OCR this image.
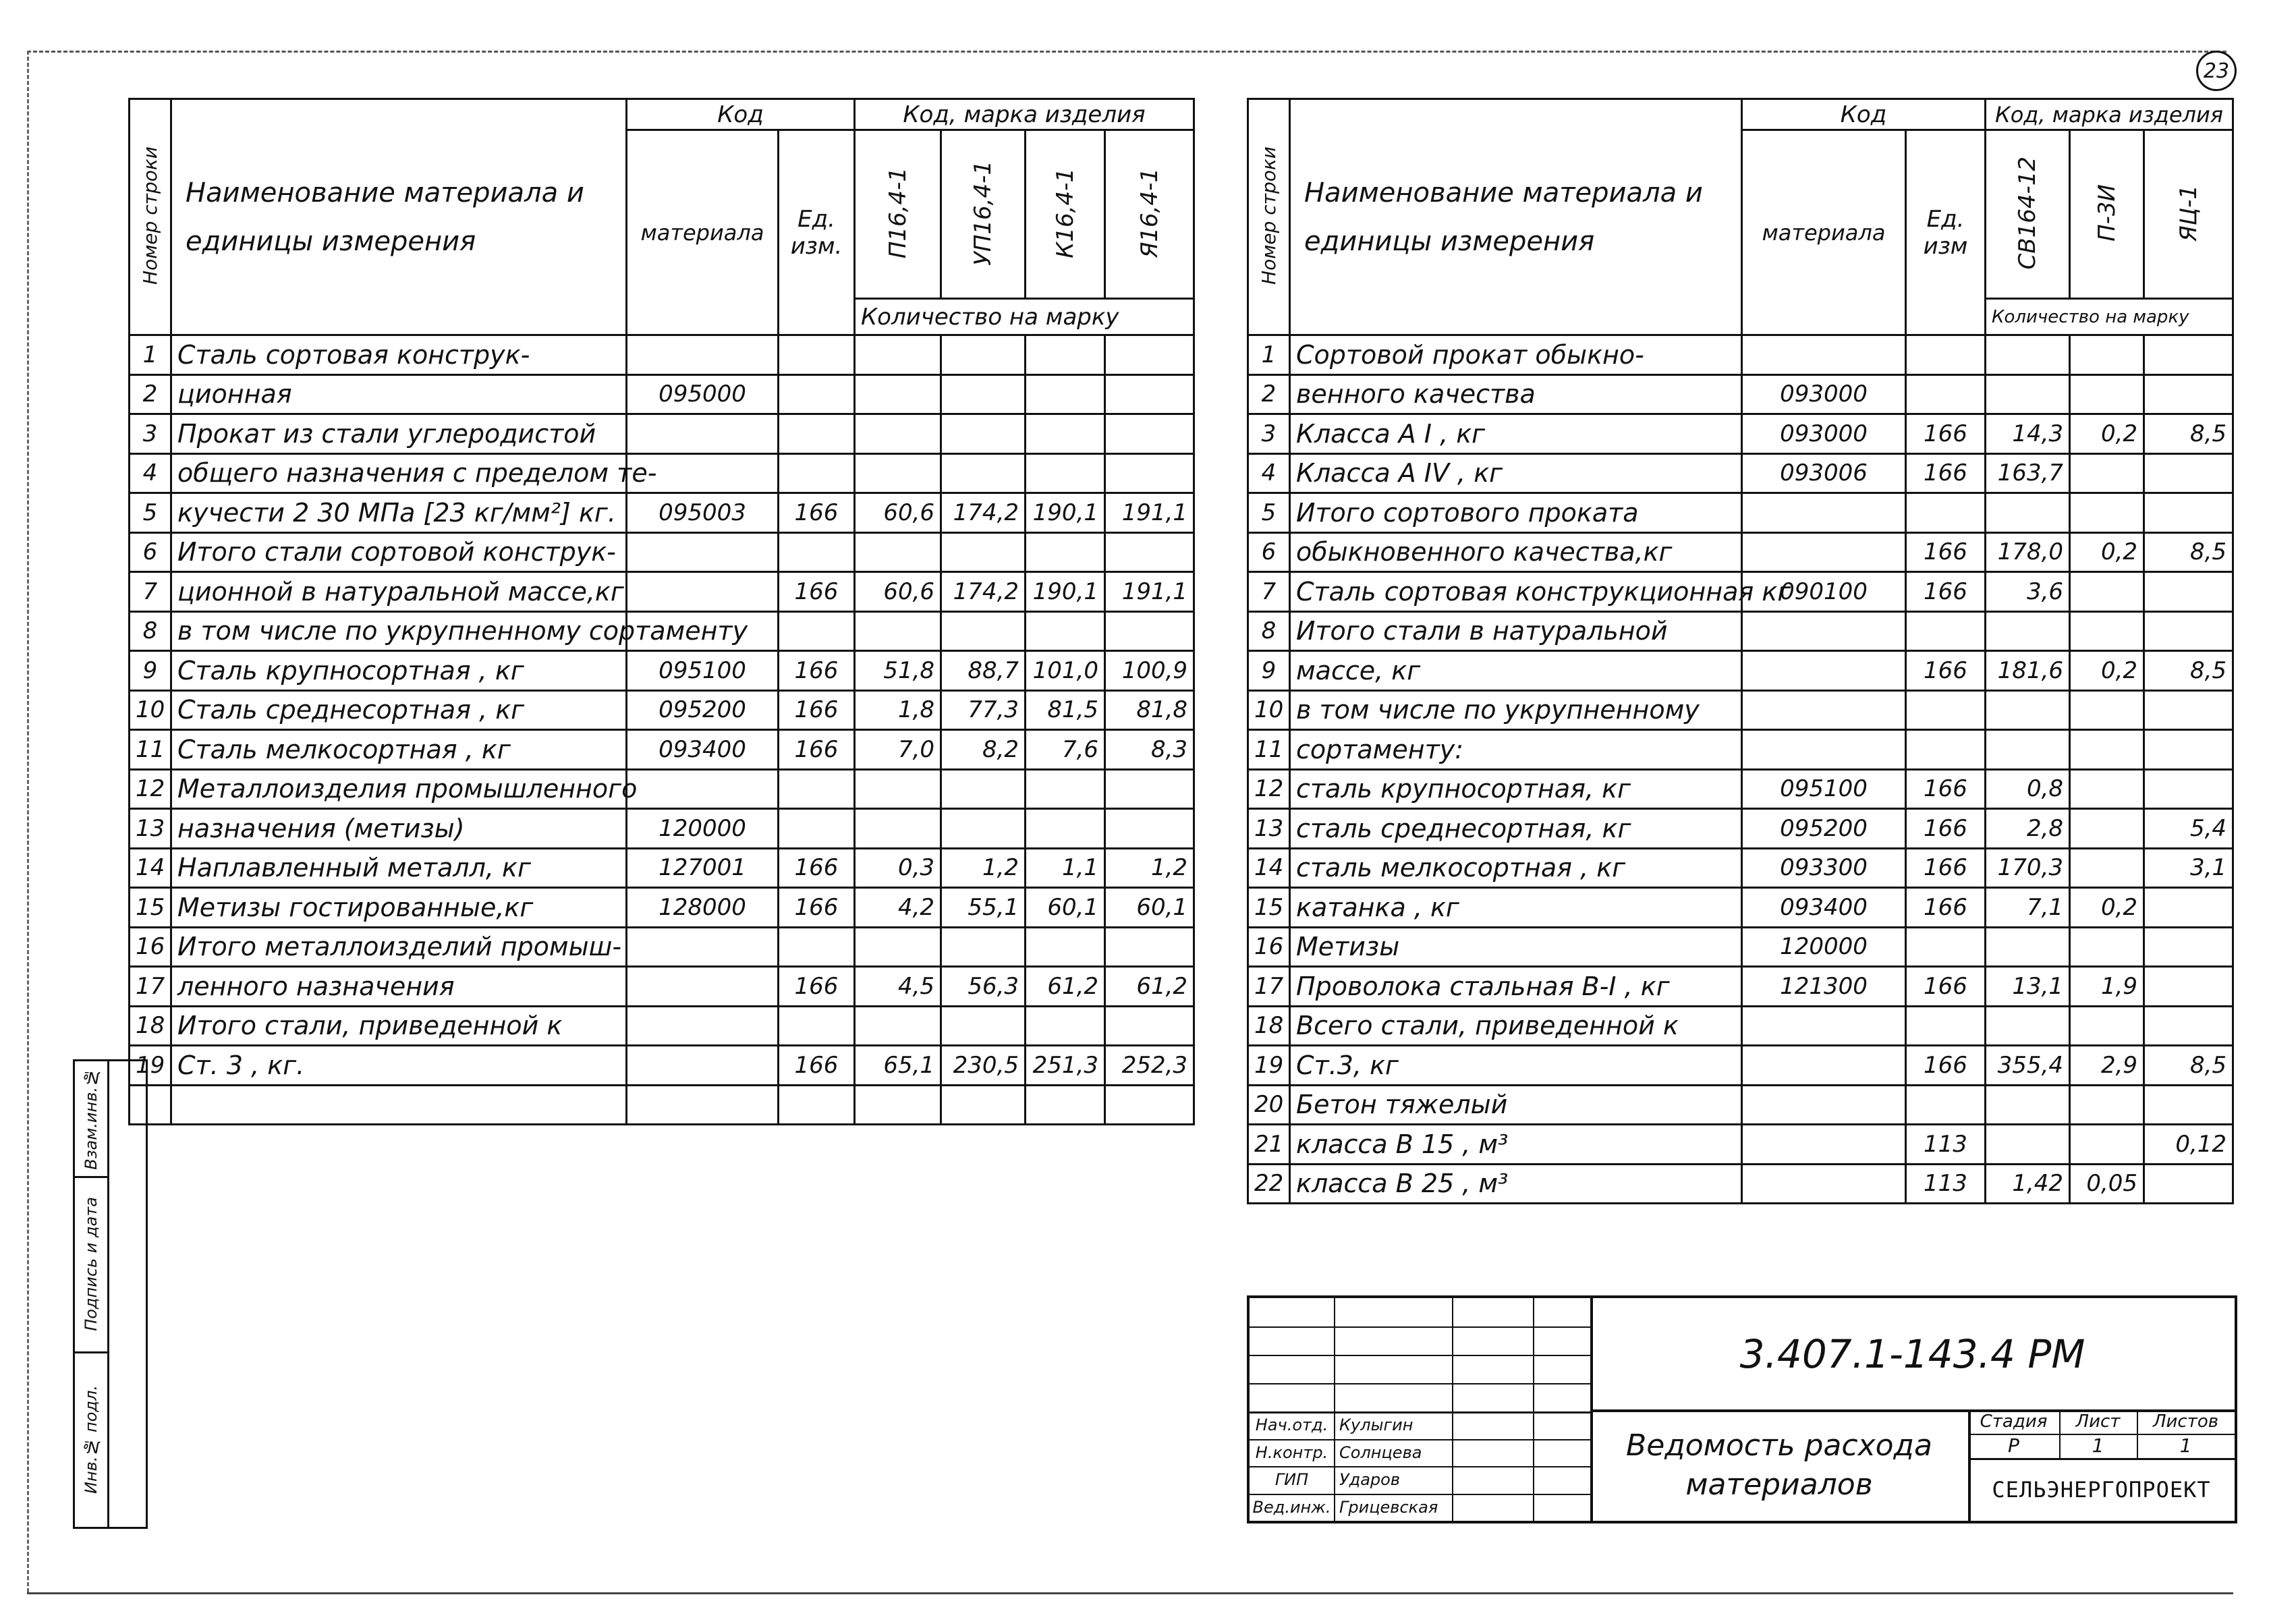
23
Взам.инв.№
Подпись и дата
Инв.№ подл.
Номер строки	Наименование материала и единицы измерения	Код		Код, марка изделия			
		материала	Ед. изм.	П16,4-1	УП16,4-1	К16,4-1	Я16,4-1
				Количество на марку			
1	Сталь сортовая конструк-						
2	ционная	095000					
3	Прокат из стали углеродистой						
4	общего назначения с пределом те-						
5	кучести 2 30 МПа [23 кг/мм²] кг.	095003	166	60,6	174,2	190,1	191,1
6	Итого стали сортовой конструк-						
7	ционной в натуральной массе,кг		166	60,6	174,2	190,1	191,1
8	в том числе по укрупненному сортаменту						
9	Сталь крупносортная , кг	095100	166	51,8	88,7	101,0	100,9
10	Сталь среднесортная , кг	095200	166	1,8	77,3	81,5	81,8
11	Сталь мелкосортная , кг	093400	166	7,0	8,2	7,6	8,3
12	Металлоизделия промышленного						
13	назначения (метизы)	120000					
14	Наплавленный металл, кг	127001	166	0,3	1,2	1,1	1,2
15	Метизы гостированные,кг	128000	166	4,2	55,1	60,1	60,1
16	Итого металлоизделий промыш-						
17	ленного назначения		166	4,5	56,3	61,2	61,2
18	Итого стали, приведенной к						
19	Ст. 3 , кг.		166	65,1	230,5	251,3	252,3

Номер строки	Наименование материала и единицы измерения	Код		Код, марка изделия		
		материала	Ед. изм	СВ164-12	П-3И	ЯЦ-1
				Количество на марку		
1	Сортовой прокат обыкно-					
2	венного качества	093000				
3	Класса А I , кг	093000	166	14,3	0,2	8,5
4	Класса А IV , кг	093006	166	163,7		
5	Итого сортового проката					
6	обыкновенного качества,кг		166	178,0	0,2	8,5
7	Сталь сортовая конструкционная кг	090100	166	3,6		
8	Итого стали в натуральной					
9	массе, кг		166	181,6	0,2	8,5
10	в том числе по укрупненному					
11	сортаменту:					
12	сталь крупносортная, кг	095100	166	0,8		
13	сталь среднесортная, кг	095200	166	2,8		5,4
14	сталь мелкосортная , кг	093300	166	170,3		3,1
15	катанка , кг	093400	166	7,1	0,2	
16	Метизы	120000				
17	Проволока стальная В-I , кг	121300	166	13,1	1,9	
18	Всего стали, приведенной к					
19	Ст.3, кг		166	355,4	2,9	8,5
20	Бетон тяжелый					
21	класса В 15 , м³		113			0,12
22	класса В 25 , м³		113	1,42	0,05	
Нач.отд. Кулыгин
Н.контр. Солнцева
ГИП	Ударов
Вед.инж. Грицевская
3.407.1-143.4 РМ
Ведомость расхода
материалов
Стадия	Лист	Листов
Р	1	1
СЕЛЬЭНЕРГОПРОЕКТ
